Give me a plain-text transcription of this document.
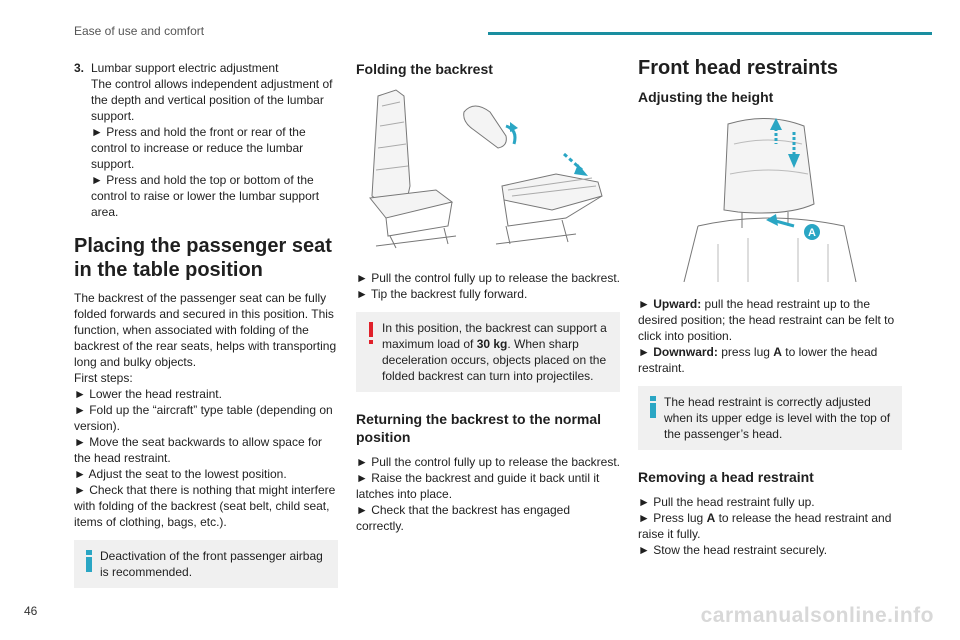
Ease of use and comfort
3. Lumbar support electric adjustment

The control allows independent adjustment of the depth and vertical position of the lumbar support.

► Press and hold the front or rear of the control to increase or reduce the lumbar support.

► Press and hold the top or bottom of the control to raise or lower the lumbar support area.

Placing the passenger seat in the table position

The backrest of the passenger seat can be fully folded forwards and secured in this position. This function, when associated with folding of the backrest of the rear seats, helps with transporting long and bulky objects.

First steps:

► Lower the head restraint.

► Fold up the “aircraft” type table (depending on version).

► Move the seat backwards to allow space for the head restraint.

► Adjust the seat to the lowest position.

► Check that there is nothing that might interfere with folding of the backrest (seat belt, child seat, items of clothing, bags, etc.).

Deactivation of the front passenger airbag is recommended.

Folding the backrest

► Pull the control fully up to release the backrest.

► Tip the backrest fully forward.

In this position, the backrest can support a maximum load of 30 kg. When sharp deceleration occurs, objects placed on the folded backrest can turn into projectiles.

Returning the backrest to the normal position

► Pull the control fully up to release the backrest.

► Raise the backrest and guide it back until it latches into place.

► Check that the backrest has engaged correctly.

Front head restraints
Adjusting the height
A

► Upward: pull the head restraint up to the desired position; the head restraint can be felt to click into position.

► Downward: press lug A to lower the head restraint.

The head restraint is correctly adjusted when its upper edge is level with the top of the passenger’s head.

Removing a head restraint

► Pull the head restraint fully up.

► Press lug A to release the head restraint and raise it fully.

► Stow the head restraint securely.

46	carmanualsonline.info
